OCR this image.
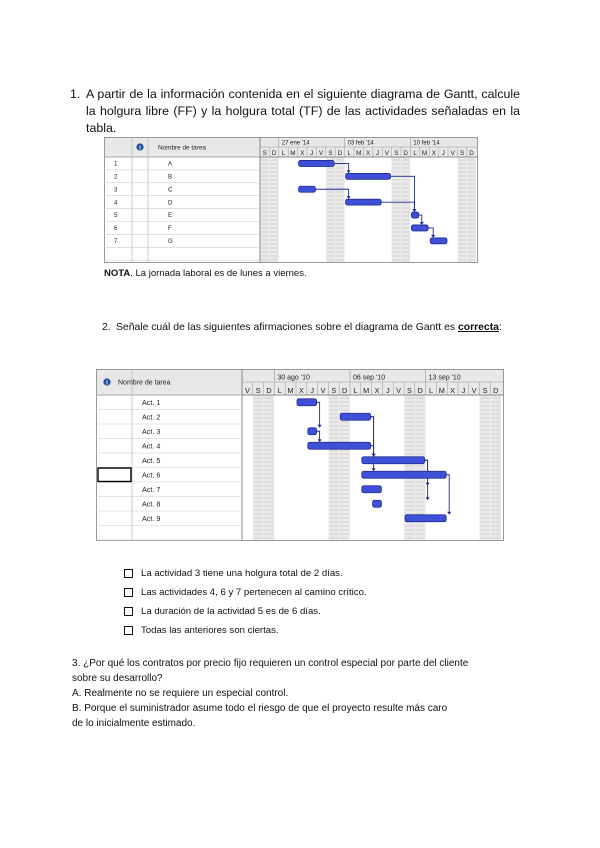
1. A partir de la información contenida en el siguiente diagrama de Gantt, calcule la holgura libre (FF) y la holgura total (TF) de las actividades señaladas en la tabla.
27 ene '14	03 feb '14	10 feb '14
S D L M X J V S D L M X J V S D L M X J V S D
i	Nombre de tarea
1	A
2	B
3	C
4	D
5	E
6	F
7	G
NOTA. La jornada laboral es de lunes a viernes.
2. Señale cuál de las siguientes afirmaciones sobre el diagrama de Gantt es correcta:
30 ago '10	06 sep '10	13 sep '10
V S D L M X J V S D L M X J V S D L M X J V S D
i Nombre de tarea
Act. 1
Act. 2
Act. 3
Act. 4
Act. 5
Act. 6
Act. 7
Act. 8
Act. 9
La actividad 3 tiene una holgura total de 2 días.
Las actividades 4, 6 y 7 pertenecen al camino crítico.
La duración de la actividad 5 es de 6 días.
Todas las anteriores son ciertas.
3. ¿Por qué los contratos por precio fijo requieren un control especial por parte del cliente
sobre su desarrollo?
A. Realmente no se requiere un especial control.
B. Porque el suministrador asume todo el riesgo de que el proyecto resulte más caro
de lo inicialmente estimado.
